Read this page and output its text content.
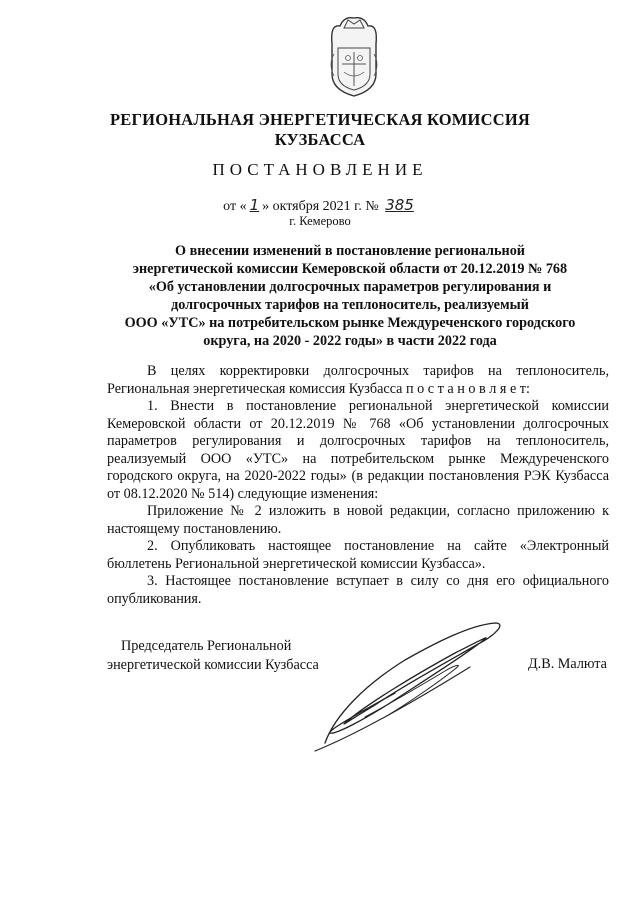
РЕГИОНАЛЬНАЯ ЭНЕРГЕТИЧЕСКАЯ КОМИССИЯ
КУЗБАССА
ПОСТАНОВЛЕНИЕ
от « 1 » октября 2021 г. № 385
г. Кемерово
О внесении изменений в постановление региональной
энергетической комиссии Кемеровской области от 20.12.2019 № 768
«Об установлении долгосрочных параметров регулирования и
долгосрочных тарифов на теплоноситель, реализуемый
ООО «УТС» на потребительском рынке Междуреченского городского
округа, на 2020 - 2022 годы» в части 2022 года

В целях корректировки долгосрочных тарифов на теплоноситель, Региональная энергетическая комиссия Кузбасса п о с т а н о в л я е т:

1. Внести в постановление региональной энергетической комиссии Кемеровской области от 20.12.2019 № 768 «Об установлении долгосрочных параметров регулирования и долгосрочных тарифов на теплоноситель, реализуемый ООО «УТС» на потребительском рынке Междуреченского городского округа, на 2020-2022 годы» (в редакции постановления РЭК Кузбасса от 08.12.2020 № 514) следующие изменения:

Приложение № 2 изложить в новой редакции, согласно приложению к настоящему постановлению.

2. Опубликовать настоящее постановление на сайте «Электронный бюллетень Региональной энергетической комиссии Кузбасса».

3. Настоящее постановление вступает в силу со дня его официального опубликования.

Председатель Региональной
энергетической комиссии Кузбасса	Д.В. Малюта
